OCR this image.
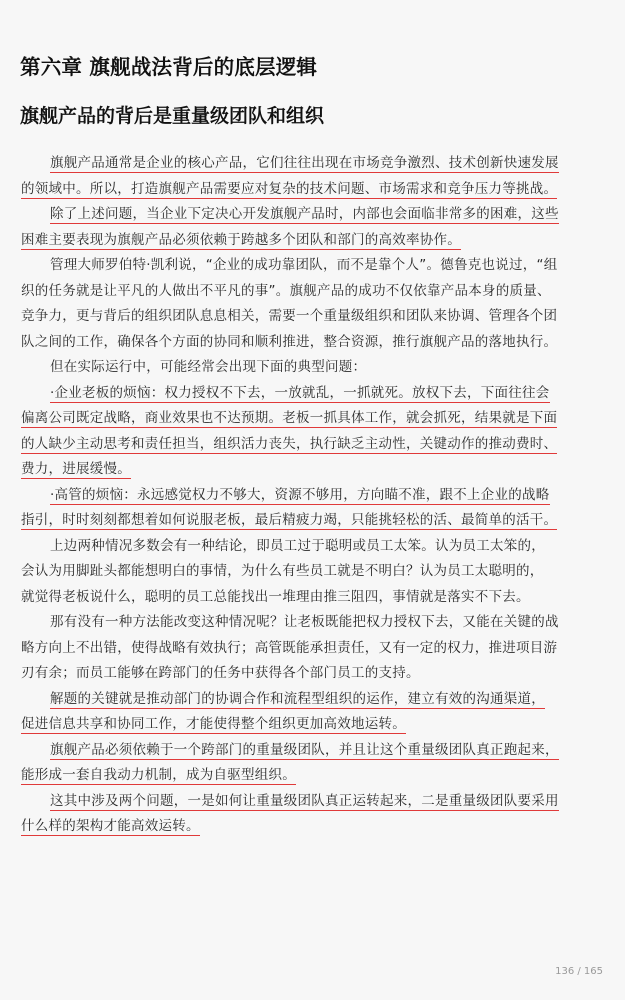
第六章 旗舰战法背后的底层逻辑
旗舰产品的背后是重量级团队和组织
旗舰产品通常是企业的核心产品，它们往往出现在市场竞争激烈、技术创新快速发展
的领域中。所以，打造旗舰产品需要应对复杂的技术问题、市场需求和竞争压力等挑战。
除了上述问题，当企业下定决心开发旗舰产品时，内部也会面临非常多的困难，这些
困难主要表现为旗舰产品必须依赖于跨越多个团队和部门的高效率协作。
管理大师罗伯特·凯利说，“企业的成功靠团队，而不是靠个人”。德鲁克也说过，“组
织的任务就是让平凡的人做出不平凡的事”。旗舰产品的成功不仅依靠产品本身的质量、
竞争力，更与背后的组织团队息息相关，需要一个重量级组织和团队来协调、管理各个团
队之间的工作，确保各个方面的协同和顺利推进，整合资源，推行旗舰产品的落地执行。
但在实际运行中，可能经常会出现下面的典型问题：
·企业老板的烦恼：权力授权不下去，一放就乱，一抓就死。放权下去，下面往往会
偏离公司既定战略，商业效果也不达预期。老板一抓具体工作，就会抓死，结果就是下面
的人缺少主动思考和责任担当，组织活力丧失，执行缺乏主动性，关键动作的推动费时、
费力，进展缓慢。
·高管的烦恼：永远感觉权力不够大，资源不够用，方向瞄不准，跟不上企业的战略
指引，时时刻刻都想着如何说服老板，最后精疲力竭，只能挑轻松的活、最简单的活干。
上边两种情况多数会有一种结论，即员工过于聪明或员工太笨。认为员工太笨的，
会认为用脚趾头都能想明白的事情，为什么有些员工就是不明白？认为员工太聪明的，
就觉得老板说什么，聪明的员工总能找出一堆理由推三阻四，事情就是落实不下去。
那有没有一种方法能改变这种情况呢？让老板既能把权力授权下去，又能在关键的战
略方向上不出错，使得战略有效执行；高管既能承担责任，又有一定的权力，推进项目游
刃有余；而员工能够在跨部门的任务中获得各个部门员工的支持。
解题的关键就是推动部门的协调合作和流程型组织的运作，建立有效的沟通渠道，
促进信息共享和协同工作，才能使得整个组织更加高效地运转。
旗舰产品必须依赖于一个跨部门的重量级团队，并且让这个重量级团队真正跑起来，
能形成一套自我动力机制，成为自驱型组织。
这其中涉及两个问题，一是如何让重量级团队真正运转起来，二是重量级团队要采用
什么样的架构才能高效运转。
136 / 165
